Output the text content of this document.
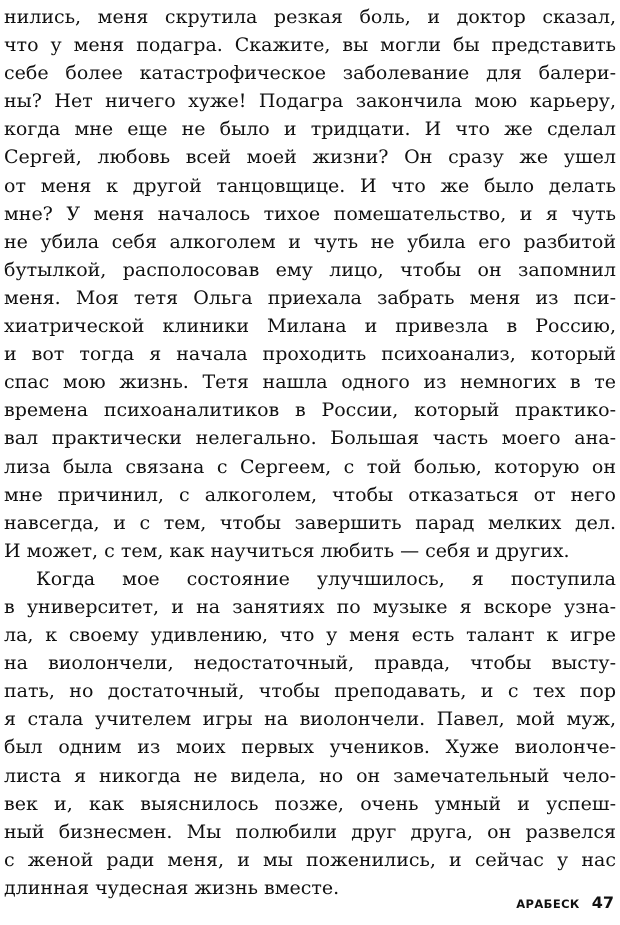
нились, меня скрутила резкая боль, и доктор сказал,
что у меня подагра. Скажите, вы могли бы представить
себе более катастрофическое заболевание для балери-
ны? Нет ничего хуже! Подагра закончила мою карьеру,
когда мне еще не было и тридцати. И что же сделал
Сергей, любовь всей моей жизни? Он сразу же ушел
от меня к другой танцовщице. И что же было делать
мне? У меня началось тихое помешательство, и я чуть
не убила себя алкоголем и чуть не убила его разбитой
бутылкой, располосовав ему лицо, чтобы он запомнил
меня. Моя тетя Ольга приехала забрать меня из пси-
хиатрической клиники Милана и привезла в Россию,
и вот тогда я начала проходить психоанализ, который
спас мою жизнь. Тетя нашла одного из немногих в те
времена психоаналитиков в России, который практико-
вал практически нелегально. Большая часть моего ана-
лиза была связана с Сергеем, с той болью, которую он
мне причинил, с алкоголем, чтобы отказаться от него
навсегда, и с тем, чтобы завершить парад мелких дел.
И может, с тем, как научиться любить — себя и других.
Когда мое состояние улучшилось, я поступила
в университет, и на занятиях по музыке я вскоре узна-
ла, к своему удивлению, что у меня есть талант к игре
на виолончели, недостаточный, правда, чтобы высту-
пать, но достаточный, чтобы преподавать, и с тех пор
я стала учителем игры на виолончели. Павел, мой муж,
был одним из моих первых учеников. Хуже виолонче-
листа я никогда не видела, но он замечательный чело-
век и, как выяснилось позже, очень умный и успеш-
ный бизнесмен. Мы полюбили друг друга, он развелся
с женой ради меня, и мы поженились, и сейчас у нас
длинная чудесная жизнь вместе.
АРАБЕСК 47
